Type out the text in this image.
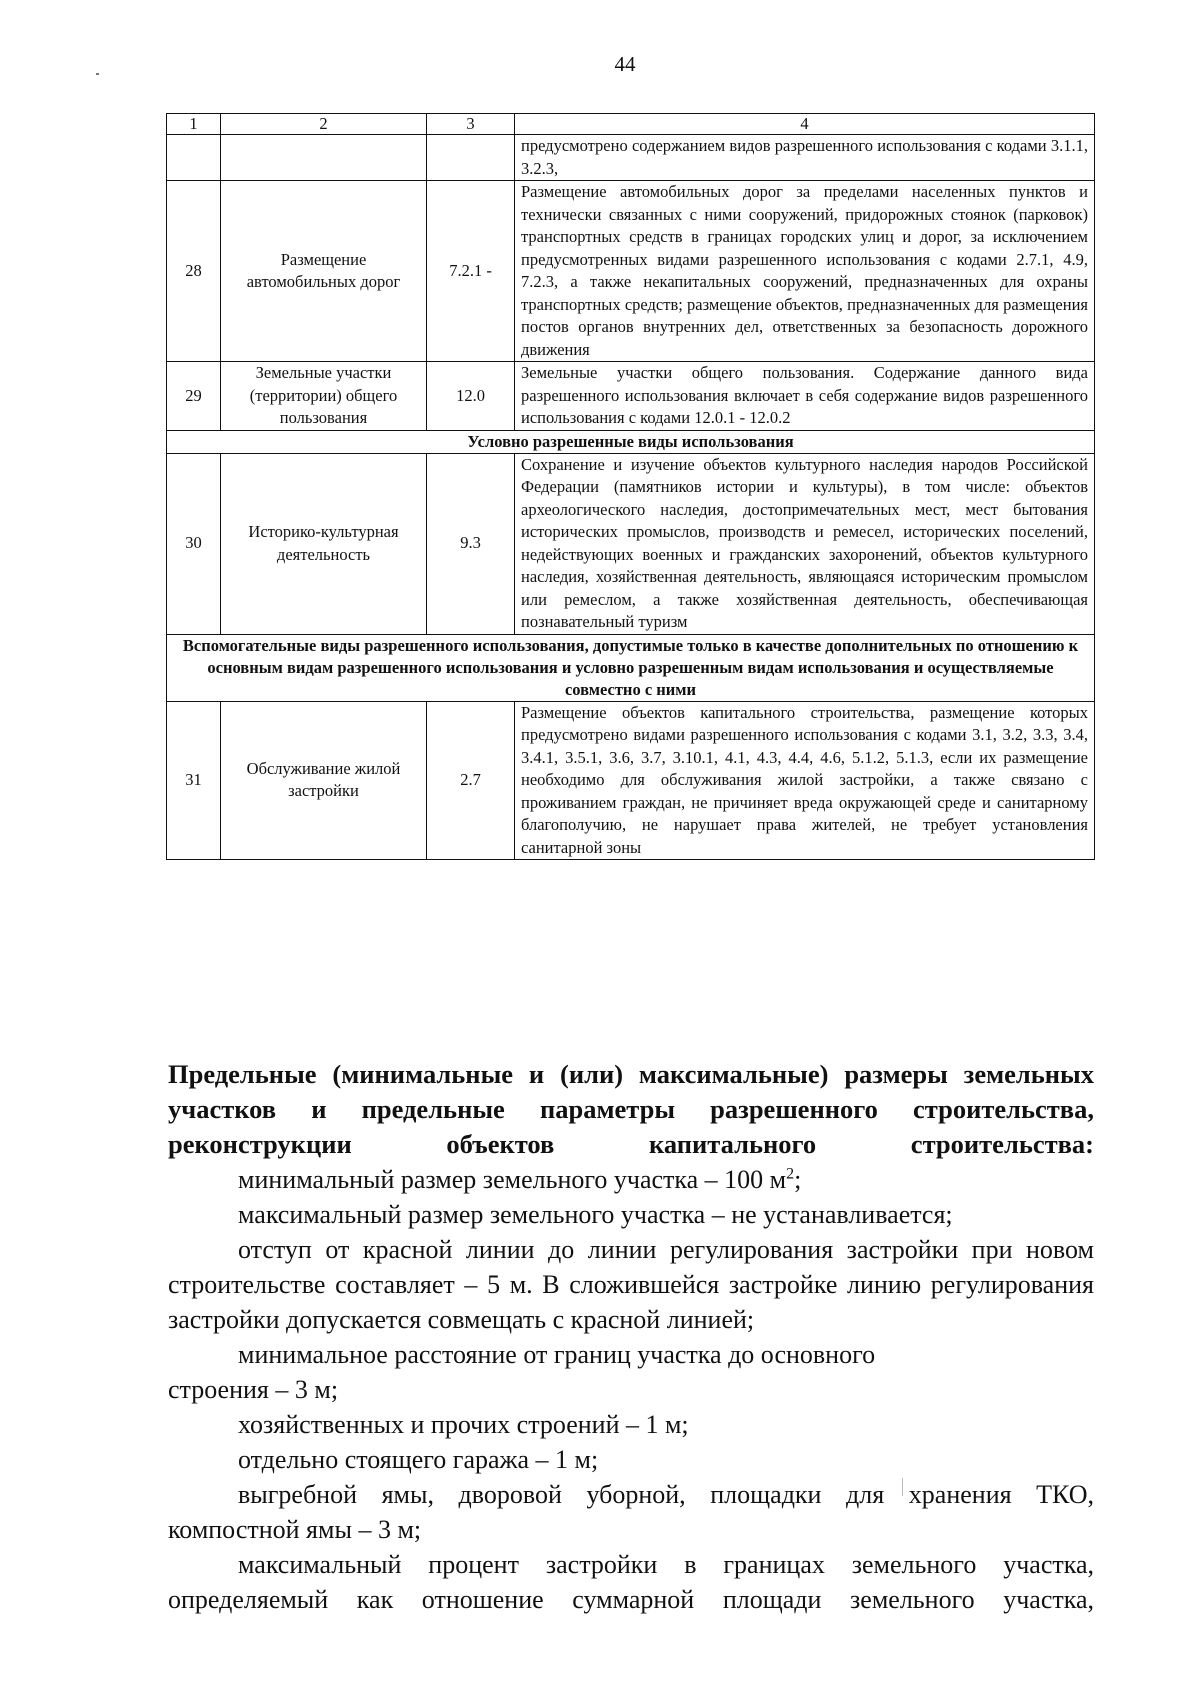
44
1	2	3	4
			предусмотрено содержанием видов разрешенного использования с кодами 3.1.1, 3.2.3,
28	Размещение автомобильных дорог	7.2.1 -	Размещение автомобильных дорог за пределами населенных пунктов и технически связанных с ними сооружений, придорожных стоянок (парковок) транспортных средств в границах городских улиц и дорог, за исключением предусмотренных видами разрешенного использования с кодами 2.7.1, 4.9, 7.2.3, а также некапитальных сооружений, предназначенных для охраны транспортных средств; размещение объектов, предназначенных для размещения постов органов внутренних дел, ответственных за безопасность дорожного движения
29	Земельные участки (территории) общего пользования	12.0	Земельные участки общего пользования. Содержание данного вида разрешенного использования включает в себя содержание видов разрешенного использования с кодами 12.0.1 - 12.0.2
Условно разрешенные виды использования			
30	Историко-культурная деятельность	9.3	Сохранение и изучение объектов культурного наследия народов Российской Федерации (памятников истории и культуры), в том числе: объектов археологического наследия, достопримечательных мест, мест бытования исторических промыслов, производств и ремесел, исторических поселений, недействующих военных и гражданских захоронений, объектов культурного наследия, хозяйственная деятельность, являющаяся историческим промыслом или ремеслом, а также хозяйственная деятельность, обеспечивающая познавательный туризм
Вспомогательные виды разрешенного использования, допустимые только в качестве дополнительных по отношению к основным видам разрешенного использования и условно разрешенным видам использования и осуществляемые совместно с ними			
31	Обслуживание жилой застройки	2.7	Размещение объектов капитального строительства, размещение которых предусмотрено видами разрешенного использования с кодами 3.1, 3.2, 3.3, 3.4, 3.4.1, 3.5.1, 3.6, 3.7, 3.10.1, 4.1, 4.3, 4.4, 4.6, 5.1.2, 5.1.3, если их размещение необходимо для обслуживания жилой застройки, а также связано с проживанием граждан, не причиняет вреда окружающей среде и санитарному благополучию, не нарушает права жителей, не требует установления санитарной зоны
Предельные (минимальные и (или) максимальные) размеры земельных участков и предельные параметры разрешенного строительства, реконструкции объектов капитального строительства:

минимальный размер земельного участка – 100 $м^2$;

максимальный размер земельного участка – не устанавливается;

отступ от красной линии до линии регулирования застройки при новом строительстве составляет – 5 м. В сложившейся застройке линию регулирования застройки допускается совмещать с красной линией;

минимальное расстояние от границ участка до основного

строения – 3 м;

хозяйственных и прочих строений – 1 м;

отдельно стоящего гаража – 1 м;

выгребной ямы, дворовой уборной, площадки для хранения ТКО, компостной ямы – 3 м;

максимальный процент застройки в границах земельного участка, определяемый как отношение суммарной площади земельного участка,
